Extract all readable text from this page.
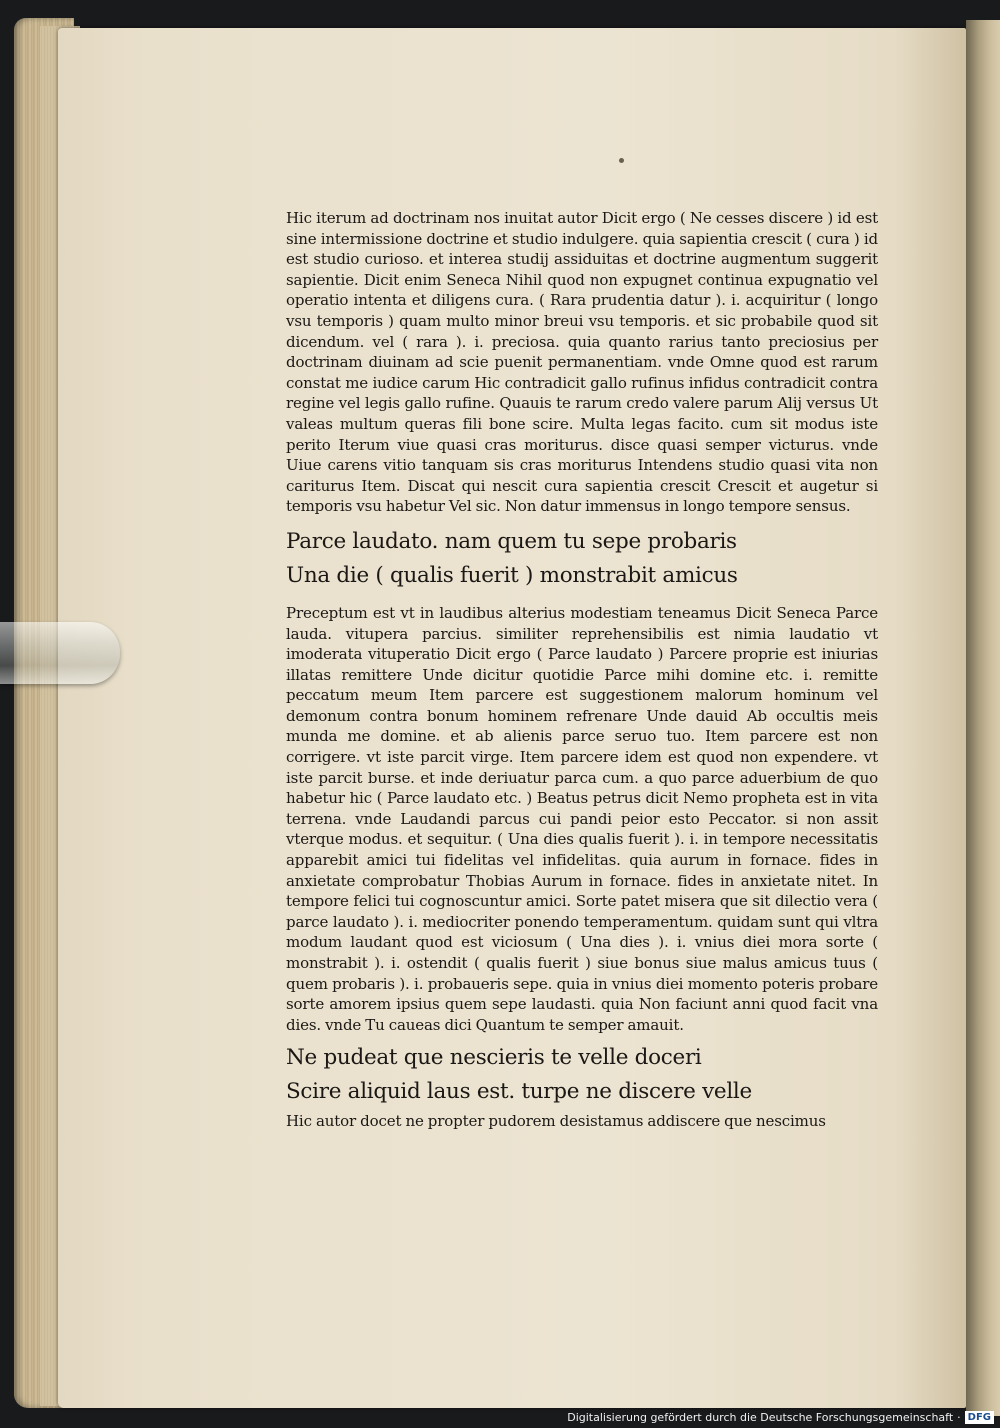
Hic iterum ad doctrinam nos inuitat autor Dicit ergo ( Ne cesses discere ) id est sine intermissione doctrine et studio indulgere. quia sapientia crescit ( cura ) id est studio curioso. et interea studij assiduitas et doctrine augmentum suggerit sapientie. Dicit enim Seneca Nihil quod non expugnet continua expugnatio vel operatio intenta et diligens cura. ( Rara prudentia datur ). i. acquiritur ( longo vsu temporis ) quam multo minor breui vsu temporis. et sic probabile quod sit dicendum. vel ( rara ). i. preciosa. quia quanto rarius tanto preciosius per doctrinam diuinam ad scie puenit permanentiam. vnde Omne quod est rarum constat me iudice carum Hic contradicit gallo rufinus infidus contradicit contra regine vel legis gallo rufine. Quauis te rarum credo valere parum Alij versus Ut valeas multum queras fili bone scire. Multa legas facito. cum sit modus iste perito Iterum viue quasi cras moriturus. disce quasi semper victurus. vnde Uiue carens vitio tanquam sis cras moriturus Intendens studio quasi vita non cariturus Item. Discat qui nescit cura sapientia crescit Crescit et augetur si temporis vsu habetur Vel sic. Non datur immensus in longo tempore sensus.

Parce laudato. nam quem tu sepe probaris

Una die ( qualis fuerit ) monstrabit amicus

Preceptum est vt in laudibus alterius modestiam teneamus Dicit Seneca Parce lauda. vitupera parcius. similiter reprehensibilis est nimia laudatio vt imoderata vituperatio Dicit ergo ( Parce laudato ) Parcere proprie est iniurias illatas remittere Unde dicitur quotidie Parce mihi domine etc. i. remitte peccatum meum Item parcere est suggestionem malorum hominum vel demonum contra bonum hominem refrenare Unde dauid Ab occultis meis munda me domine. et ab alienis parce seruo tuo. Item parcere est non corrigere. vt iste parcit virge. Item parcere idem est quod non expendere. vt iste parcit burse. et inde deriuatur parca cum. a quo parce aduerbium de quo habetur hic ( Parce laudato etc. ) Beatus petrus dicit Nemo propheta est in vita terrena. vnde Laudandi parcus cui pandi peior esto Peccator. si non assit vterque modus. et sequitur. ( Una dies qualis fuerit ). i. in tempore necessitatis apparebit amici tui fidelitas vel infidelitas. quia aurum in fornace. fides in anxietate comprobatur Thobias Aurum in fornace. fides in anxietate nitet. In tempore felici tui cognoscuntur amici. Sorte patet misera que sit dilectio vera ( parce laudato ). i. mediocriter ponendo temperamentum. quidam sunt qui vltra modum laudant quod est viciosum ( Una dies ). i. vnius diei mora sorte ( monstrabit ). i. ostendit ( qualis fuerit ) siue bonus siue malus amicus tuus ( quem probaris ). i. probaueris sepe. quia in vnius diei momento poteris probare sorte amorem ipsius quem sepe laudasti. quia Non faciunt anni quod facit vna dies. vnde Tu caueas dici Quantum te semper amauit.

Ne pudeat que nescieris te velle doceri

Scire aliquid laus est. turpe ne discere velle

Hic autor docet ne propter pudorem desistamus addiscere que nescimus

Digitalisierung gefördert durch die Deutsche Forschungsgemeinschaft · DFG
